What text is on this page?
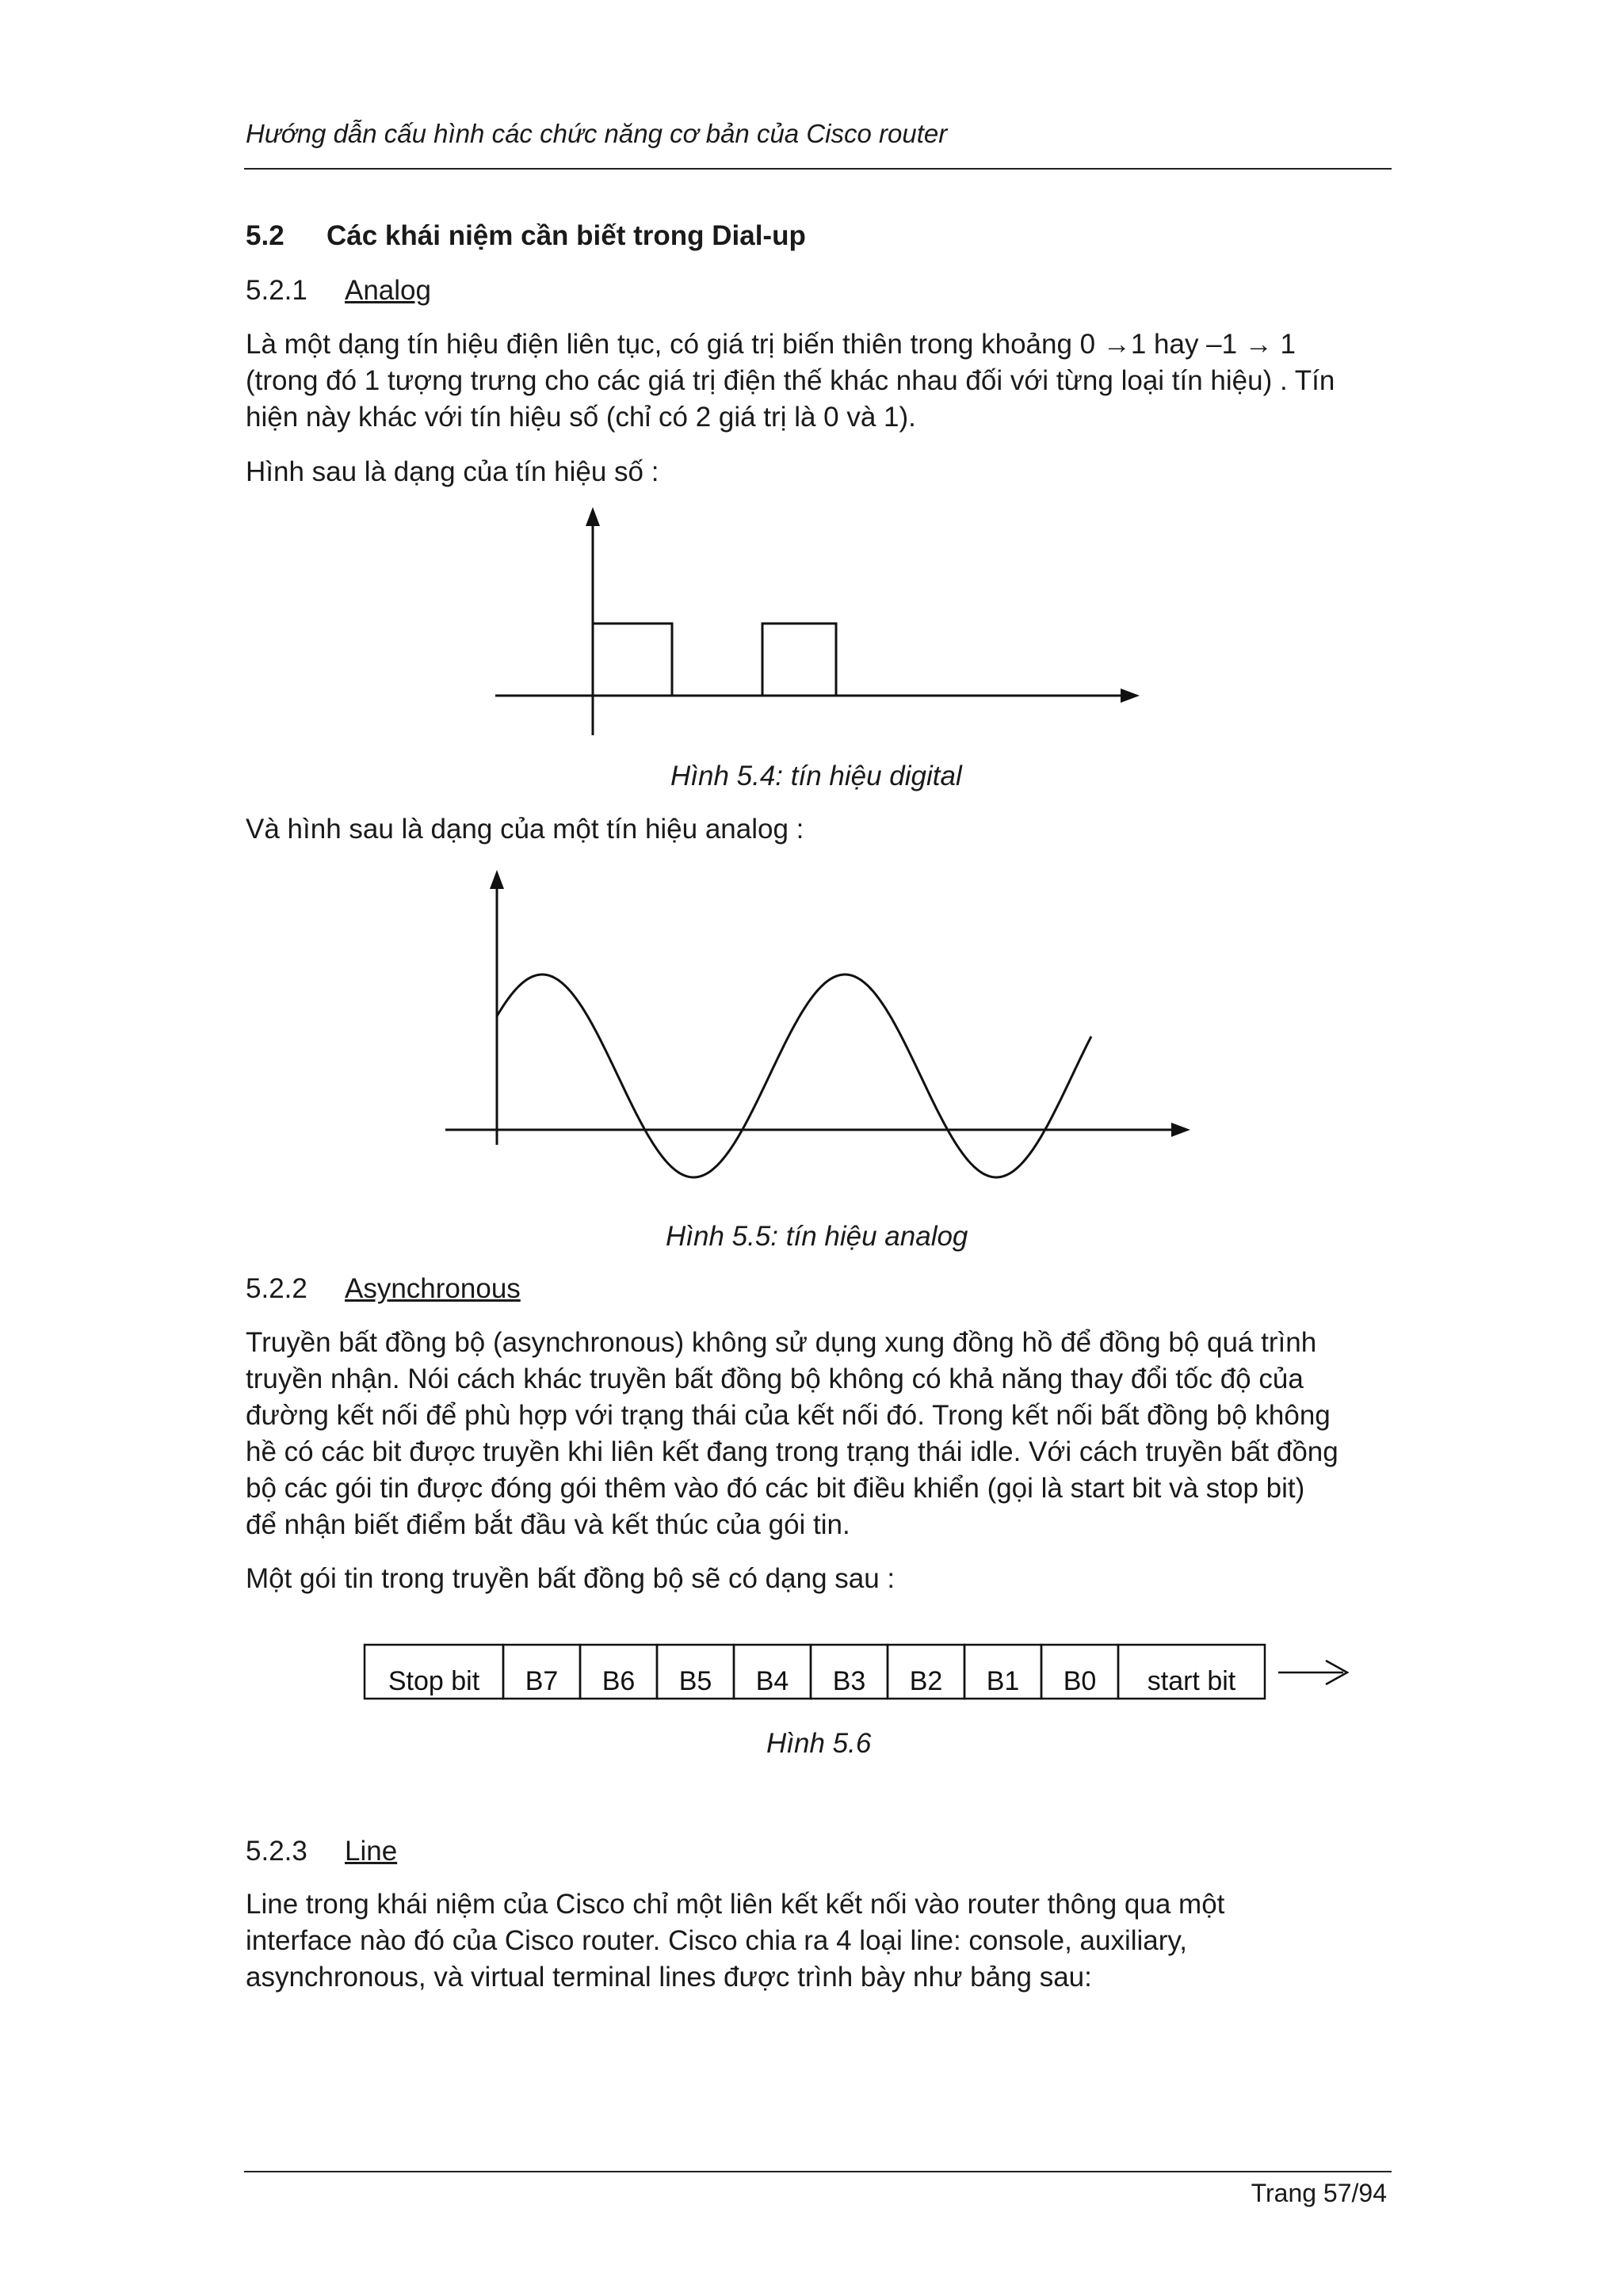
Hướng dẫn cấu hình các chức năng cơ bản của Cisco router
5.2 Các khái niệm cần biết trong Dial-up
5.2.1 Analog

Là một dạng tín hiệu điện liên tục, có giá trị biến thiên trong khoảng 0 →1 hay –1 → 1

(trong đó 1 tượng trưng cho các giá trị điện thế khác nhau đối với từng loại tín hiệu) . Tín

hiện này khác với tín hiệu số (chỉ có 2 giá trị là 0 và 1).

Hình sau là dạng của tín hiệu số :

Hình 5.4: tín hiệu digital

Và hình sau là dạng của một tín hiệu analog :

Hình 5.5: tín hiệu analog
5.2.2 Asynchronous

Truyền bất đồng bộ (asynchronous) không sử dụng xung đồng hồ để đồng bộ quá trình

truyền nhận. Nói cách khác truyền bất đồng bộ không có khả năng thay đổi tốc độ của

đường kết nối để phù hợp với trạng thái của kết nối đó. Trong kết nối bất đồng bộ không

hề có các bit được truyền khi liên kết đang trong trạng thái idle. Với cách truyền bất đồng

bộ các gói tin được đóng gói thêm vào đó các bit điều khiển (gọi là start bit và stop bit)

để nhận biết điểm bắt đầu và kết thúc của gói tin.

Một gói tin trong truyền bất đồng bộ sẽ có dạng sau :

Stop bit B7 B6 B5 B4 B3 B2 B1 B0 start bit
Hình 5.6
5.2.3 Line

Line trong khái niệm của Cisco chỉ một liên kết kết nối vào router thông qua một

interface nào đó của Cisco router. Cisco chia ra 4 loại line: console, auxiliary,

asynchronous, và virtual terminal lines được trình bày như bảng sau:

Trang 57/94
